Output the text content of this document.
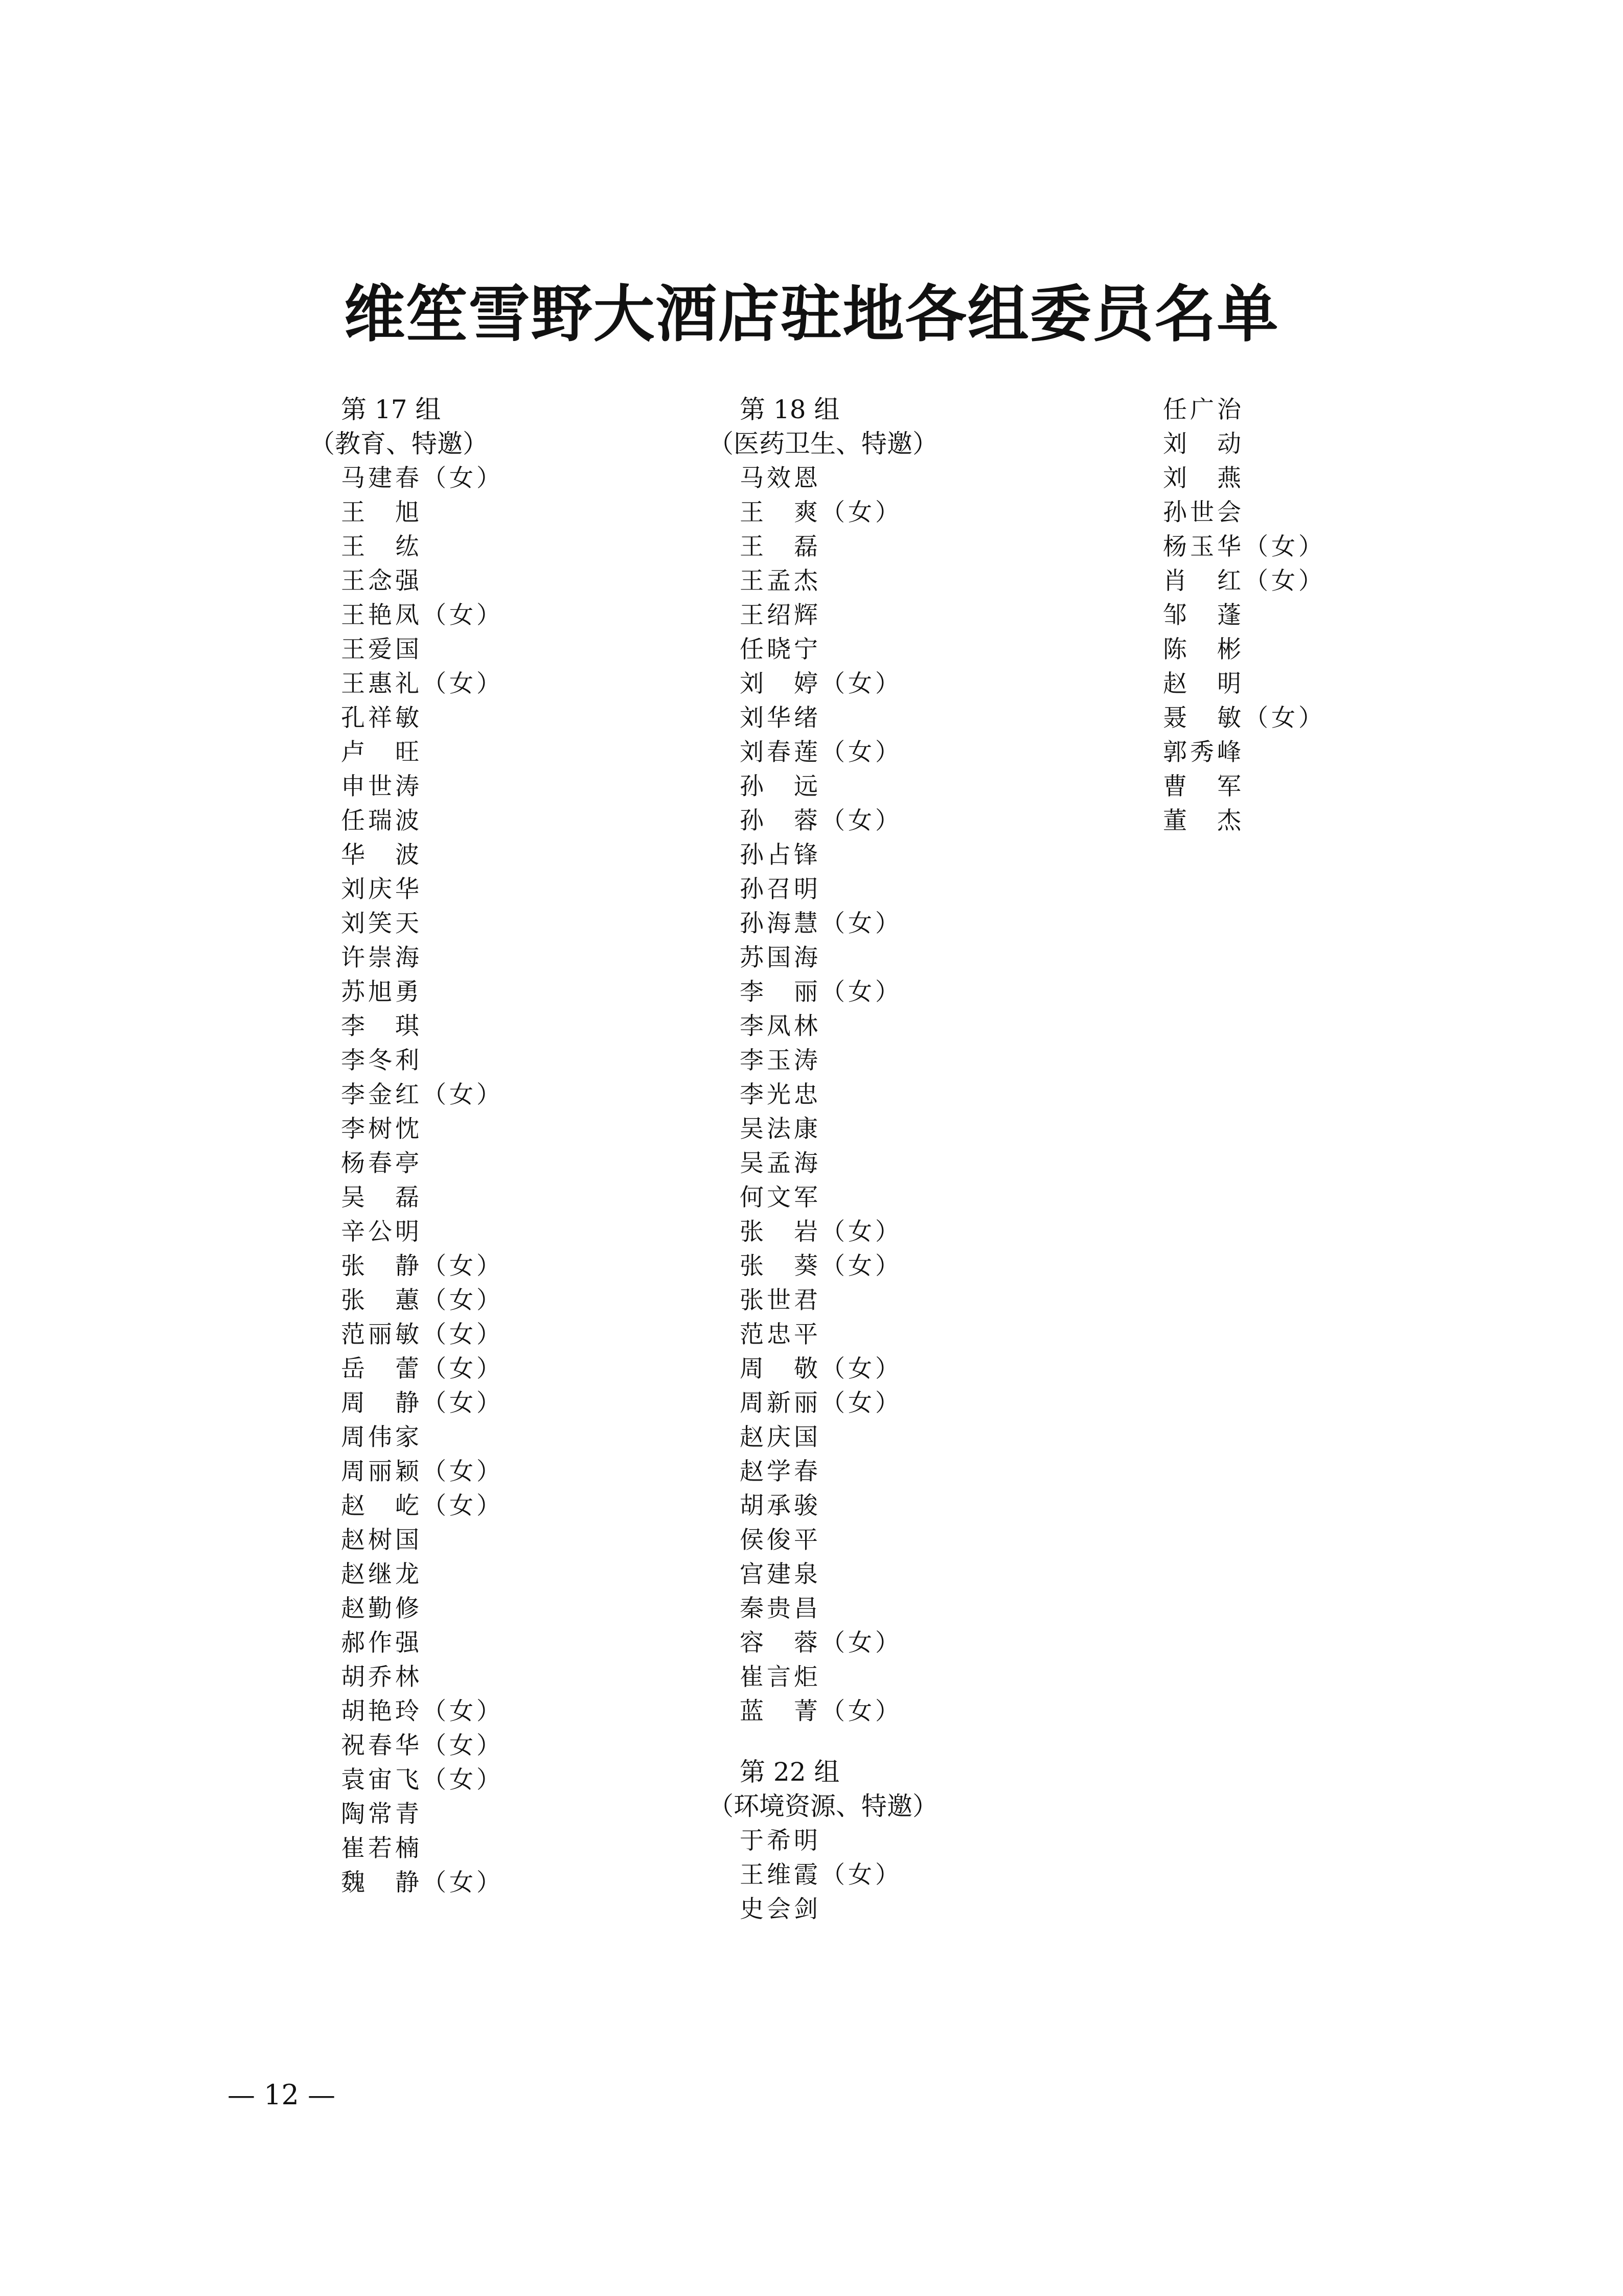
维笙雪野大酒店驻地各组委员名单
第 17 组
（教育、特邀）
马建春（女）
王　旭
王　纮
王念强
王艳凤（女）
王爱国
王惠礼（女）
孔祥敏
卢　旺
申世涛
任瑞波
华　波
刘庆华
刘笑天
许崇海
苏旭勇
李　琪
李冬利
李金红（女）
李树忱
杨春亭
吴　磊
辛公明
张　静（女）
张　蕙（女）
范丽敏（女）
岳　蕾（女）
周　静（女）
周伟家
周丽颖（女）
赵　屹（女）
赵树国
赵继龙
赵勤修
郝作强
胡乔林
胡艳玲（女）
祝春华（女）
袁宙飞（女）
陶常青
崔若楠
魏　静（女）
第 18 组
（医药卫生、特邀）
马效恩
王　爽（女）
王　磊
王孟杰
王绍辉
任晓宁
刘　婷（女）
刘华绪
刘春莲（女）
孙　远
孙　蓉（女）
孙占锋
孙召明
孙海慧（女）
苏国海
李　丽（女）
李凤林
李玉涛
李光忠
吴法康
吴孟海
何文军
张　岩（女）
张　葵（女）
张世君
范忠平
周　敬（女）
周新丽（女）
赵庆国
赵学春
胡承骏
侯俊平
宫建泉
秦贵昌
容　蓉（女）
崔言炬
蓝　菁（女）
第 22 组
（环境资源、特邀）
于希明
王维霞（女）
史会剑
任广治
刘　动
刘　燕
孙世会
杨玉华（女）
肖　红（女）
邹　蓬
陈　彬
赵　明
聂　敏（女）
郭秀峰
曹　军
董　杰
— 12 —
